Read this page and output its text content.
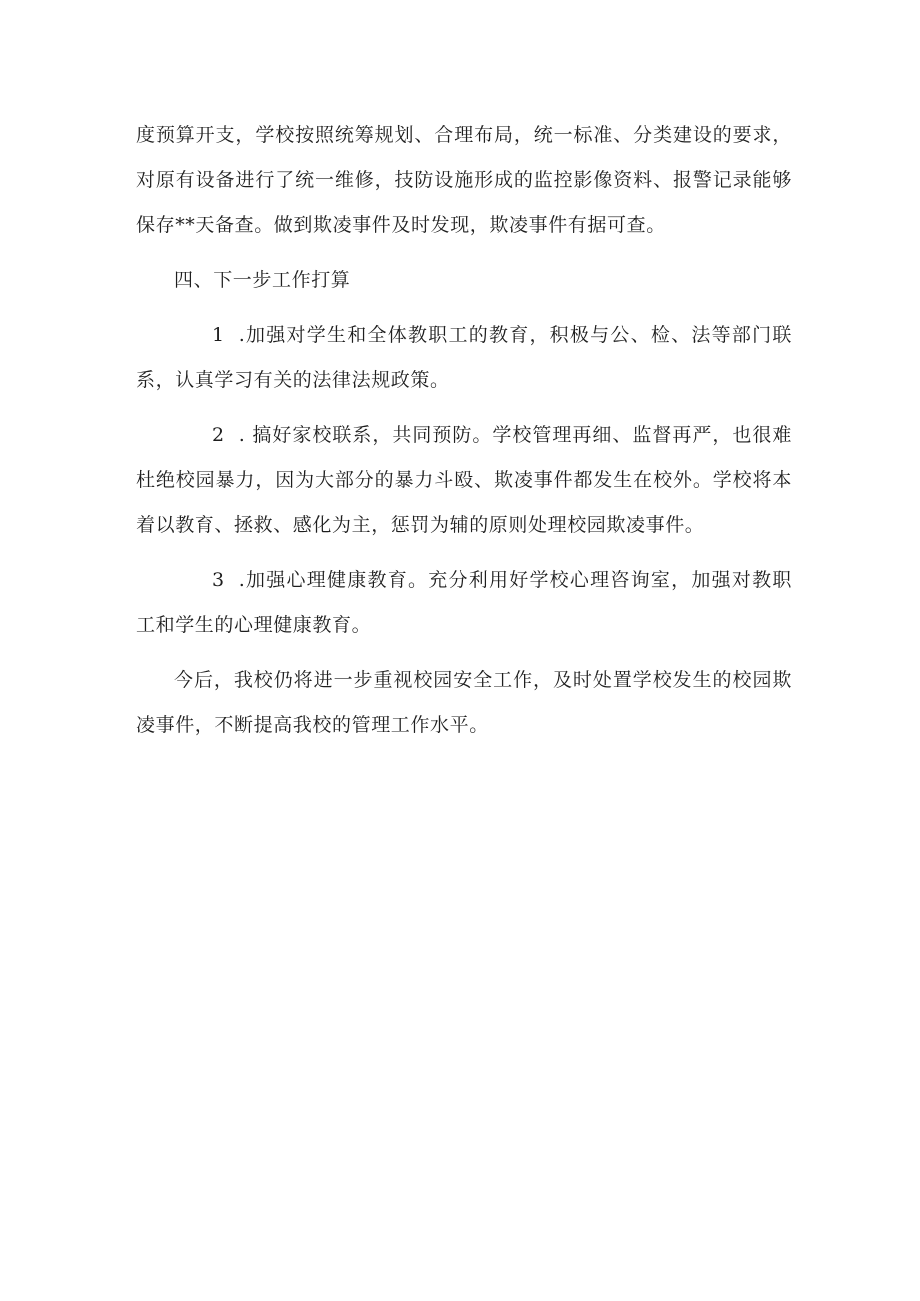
度预算开支，学校按照统筹规划、合理布局，统一标准、分类建设的要求，对原有设备进行了统一维修，技防设施形成的监控影像资料、报警记录能够保存**天备查。做到欺凌事件及时发现，欺凌事件有据可查。

四、下一步工作打算

1 .加强对学生和全体教职工的教育，积极与公、检、法等部门联系，认真学习有关的法律法规政策。

2 . 搞好家校联系，共同预防。学校管理再细、监督再严，也很难杜绝校园暴力，因为大部分的暴力斗殴、欺凌事件都发生在校外。学校将本着以教育、拯救、感化为主，惩罚为辅的原则处理校园欺凌事件。

3 .加强心理健康教育。充分利用好学校心理咨询室，加强对教职工和学生的心理健康教育。

今后，我校仍将进一步重视校园安全工作，及时处置学校发生的校园欺凌事件，不断提高我校的管理工作水平。
